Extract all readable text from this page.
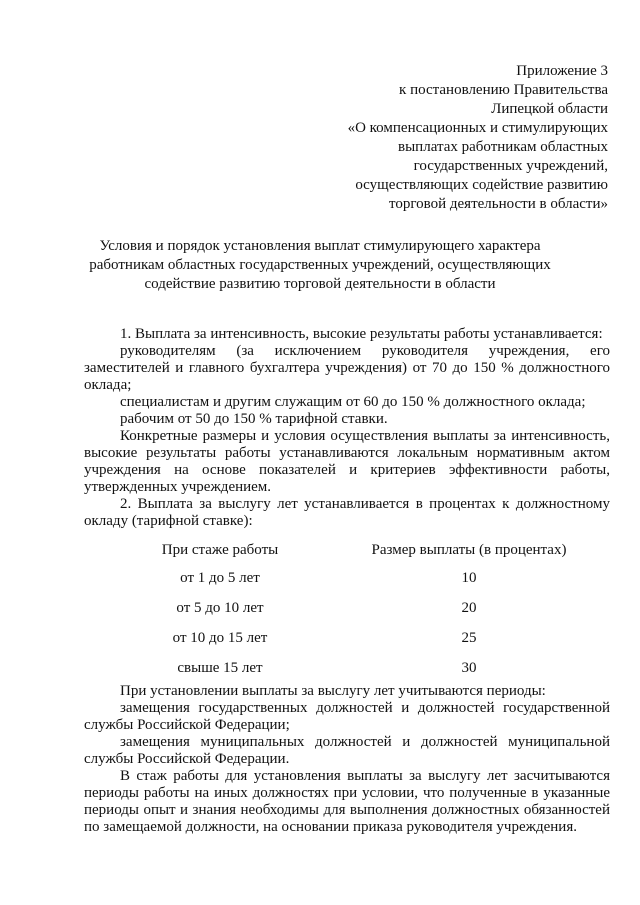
Приложение 3
к постановлению Правительства
Липецкой области
«О компенсационных и стимулирующих
выплатах работникам областных
государственных учреждений,
осуществляющих содействие развитию
торговой деятельности в области»
Условия и порядок установления выплат стимулирующего характера
работникам областных государственных учреждений, осуществляющих
содействие развитию торговой деятельности в области

1. Выплата за интенсивность, высокие результаты работы устанавливается:

руководителям (за исключением руководителя учреждения, его заместителей и главного бухгалтера учреждения) от 70 до 150 % должностного оклада;

специалистам и другим служащим от 60 до 150 % должностного оклада;

рабочим от 50 до 150 % тарифной ставки.

Конкретные размеры и условия осуществления выплаты за интенсивность, высокие результаты работы устанавливаются локальным нормативным актом учреждения на основе показателей и критериев эффективности работы, утвержденных учреждением.

2. Выплата за выслугу лет устанавливается в процентах к должностному окладу (тарифной ставке):

При стаже работы	Размер выплаты (в процентах)
от 1 до 5 лет	10
от 5 до 10 лет	20
от 10 до 15 лет	25
свыше 15 лет	30

При установлении выплаты за выслугу лет учитываются периоды:

замещения государственных должностей и должностей государственной службы Российской Федерации;

замещения муниципальных должностей и должностей муниципальной службы Российской Федерации.

В стаж работы для установления выплаты за выслугу лет засчитываются периоды работы на иных должностях при условии, что полученные в указанные периоды опыт и знания необходимы для выполнения должностных обязанностей по замещаемой должности, на основании приказа руководителя учреждения.
